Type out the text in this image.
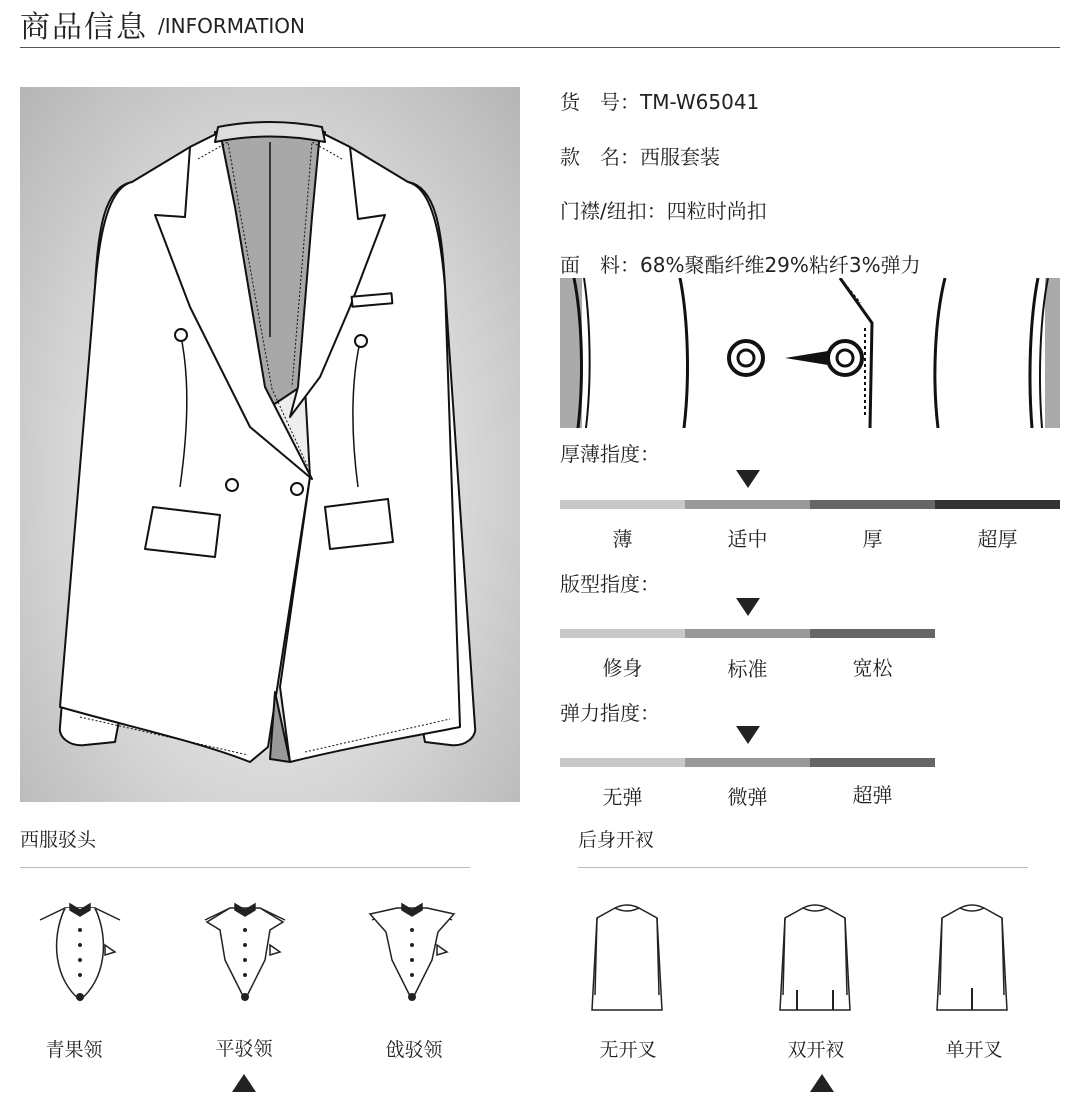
商品信息 /INFORMATION
货　号：TM-W65041
款　名：西服套装
门襟/纽扣：四粒时尚扣
面　料：68%聚酯纤维29%粘纤3%弹力
厚薄指度：
薄	适中	厚	超厚
版型指度：
修身	标准	宽松
弹力指度：
无弹	微弹	超弹
西服驳头
青果领	平驳领	戗驳领
后身开衩
无开叉	双开衩	单开叉
